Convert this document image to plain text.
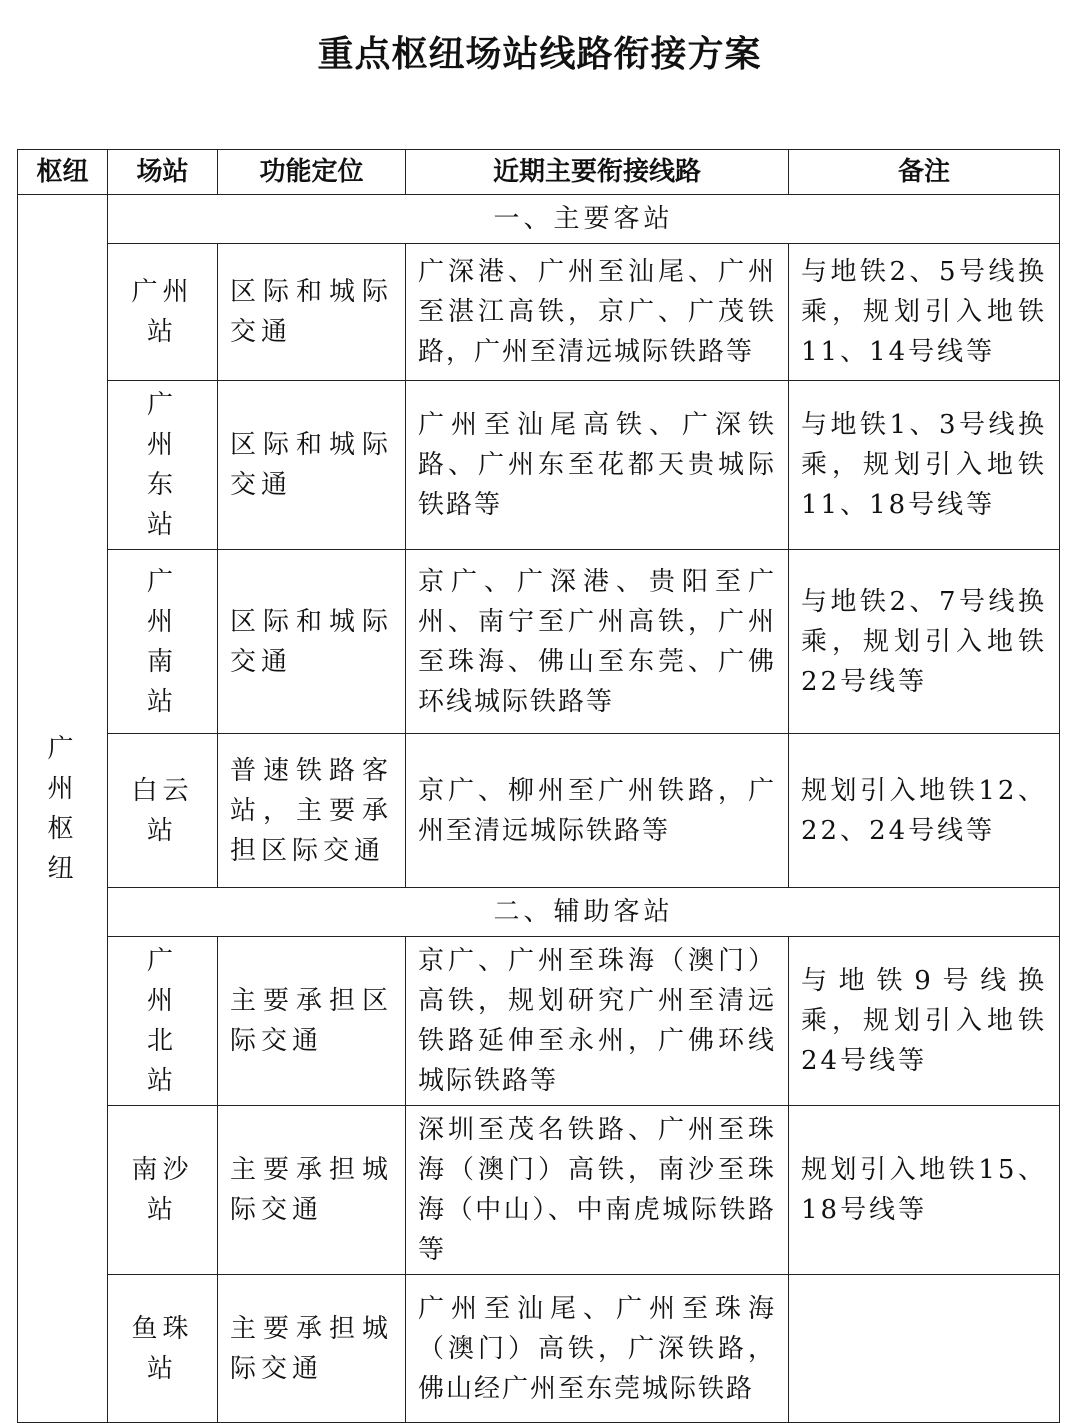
重点枢纽场站线路衔接方案
枢纽	场站	功能定位	近期主要衔接线路	备注

广州枢纽	一、主要客站			
	广州站	区际和城际交通	广深港、广州至汕尾、广州至湛江高铁，京广、广茂铁路，广州至清远城际铁路等	与地铁2、5号线换乘，规划引入地铁11、14号线等

	广州东站	区际和城际交通	广州至汕尾高铁、广深铁路、广州东至花都天贵城际铁路等	与地铁1、3号线换乘，规划引入地铁11、18号线等

	广州南站	区际和城际交通	京广、广深港、贵阳至广州、南宁至广州高铁，广州至珠海、佛山至东莞、广佛环线城际铁路等	与地铁2、7号线换乘，规划引入地铁22号线等
	白云站	普速铁路客站，主要承担区际交通	京广、柳州至广州铁路，广州至清远城际铁路等	规划引入地铁12、22、24号线等
	二、辅助客站			

	广州北站	主要承担区际交通	京广、广州至珠海（澳门）高铁，规划研究广州至清远铁路延伸至永州，广佛环线城际铁路等	与地铁9号线换乘，规划引入地铁24号线等
	南沙站	主要承担城际交通	深圳至茂名铁路、广州至珠海（澳门）高铁，南沙至珠海（中山）、中南虎城际铁路等	规划引入地铁15、18号线等
	鱼珠站	主要承担城际交通	广州至汕尾、广州至珠海（澳门）高铁，广深铁路，佛山经广州至东莞城际铁路	
